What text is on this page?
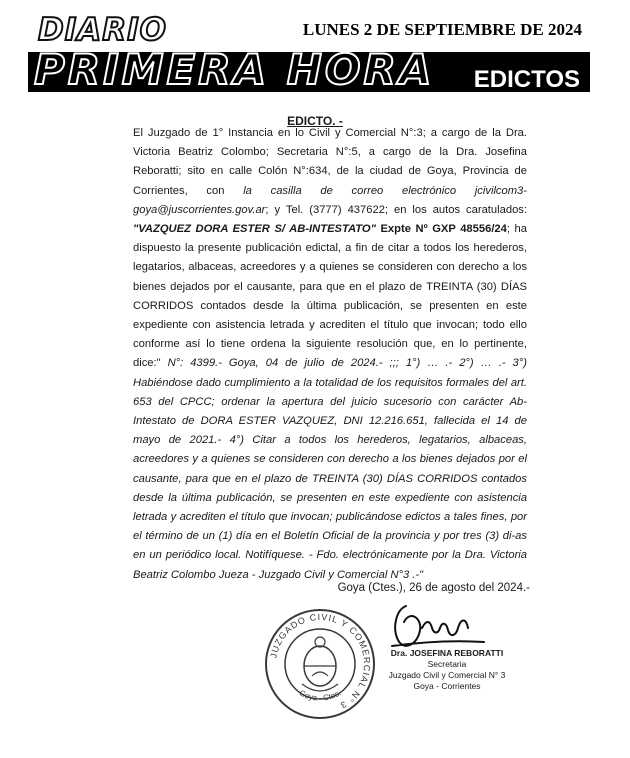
DIARIO	LUNES 2 DE SEPTIEMBRE DE 2024
PRIMERA HORA EDICTOS
EDICTO. -
El Juzgado de 1° Instancia en lo Civil y Comercial N°:3; a cargo de la Dra. Victoria Beatriz Colombo; Secretaria N°:5, a cargo de la Dra. Josefina Reboratti; sito en calle Colón N°:634, de la ciudad de Goya, Provincia de Corrientes, con la casilla de correo electrónico jcivilcom3-goya@juscorrientes.gov.ar; y Tel. (3777) 437622; en los autos caratulados: "VAZQUEZ DORA ESTER S/ AB-INTESTATO" Expte Nº GXP 48556/24; ha dispuesto la presente publicación edictal, a fin de citar a todos los herederos, legatarios, albaceas, acreedores y a quienes se consideren con derecho a los bienes dejados por el causante, para que en el plazo de TREINTA (30) DÍAS CORRIDOS contados desde la última publicación, se presenten en este expediente con asistencia letrada y acrediten el título que invocan; todo ello conforme así lo tiene ordena la siguiente resolución que, en lo pertinente, dice:" N°: 4399.- Goya, 04 de julio de 2024.- ;;; 1°) … .- 2°) … .- 3°) Habiéndose dado cumplimiento a la totalidad de los requisitos formales del art. 653 del CPCC; ordenar la apertura del juicio sucesorio con carácter Ab-Intestato de DORA ESTER VAZQUEZ, DNI 12.216.651, fallecida el 14 de mayo de 2021.- 4°) Citar a todos los herederos, legatarios, albaceas, acreedores y a quienes se consideren con derecho a los bienes dejados por el causante, para que en el plazo de TREINTA (30) DÍAS CORRIDOS contados desde la última publicación, se presenten en este expediente con asistencia letrada y acrediten el título que invocan; publicándose edictos a tales fines, por el término de un (1) día en el Boletín Oficial de la provincia y por tres (3) di-as en un periódico local. Notifíquese. - Fdo. electrónicamente por la Dra. Victoria Beatriz Colombo Jueza - Juzgado Civil y Comercial N°3 .-"
Goya (Ctes.), 26 de agosto del 2024.-
JUZGADO CIVIL Y COMERCIAL N° 3
Goya - Ctes.
Dra. JOSEFINA REBORATTI
Secretaria
Juzgado Civil y Comercial N° 3
Goya - Corrientes
